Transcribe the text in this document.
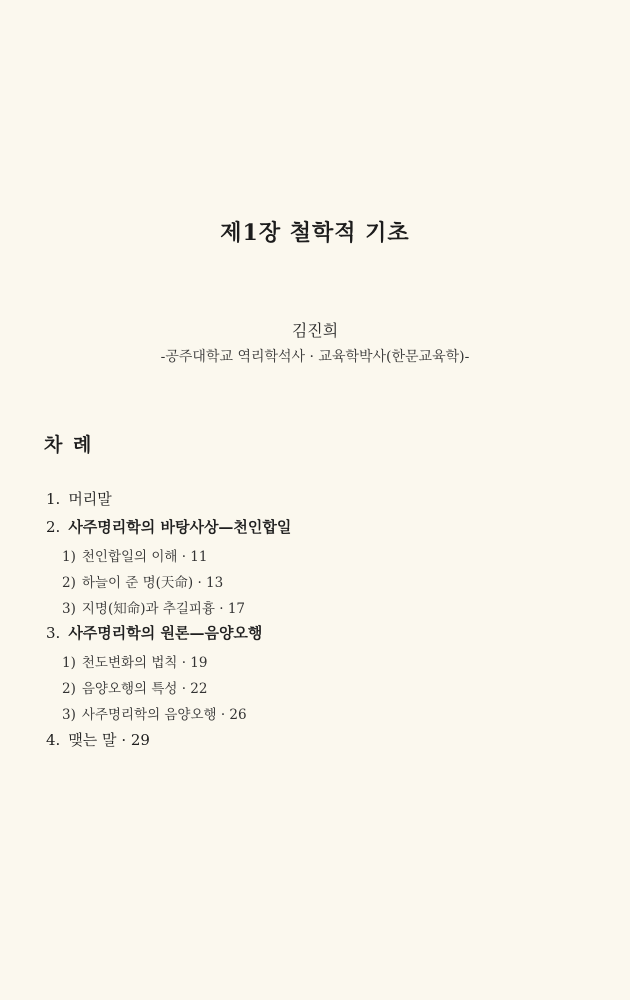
제1장 철학적 기초
김진희
-공주대학교 역리학석사 · 교육학박사(한문교육학)-
차 례
1. 머리말
2. 사주명리학의 바탕사상—천인합일
1) 천인합일의 이해 · 11
2) 하늘이 준 명(天命) · 13
3) 지명(知命)과 추길피흉 · 17
3. 사주명리학의 원론—음양오행
1) 천도변화의 법칙 · 19
2) 음양오행의 특성 · 22
3) 사주명리학의 음양오행 · 26
4. 맺는 말 · 29
